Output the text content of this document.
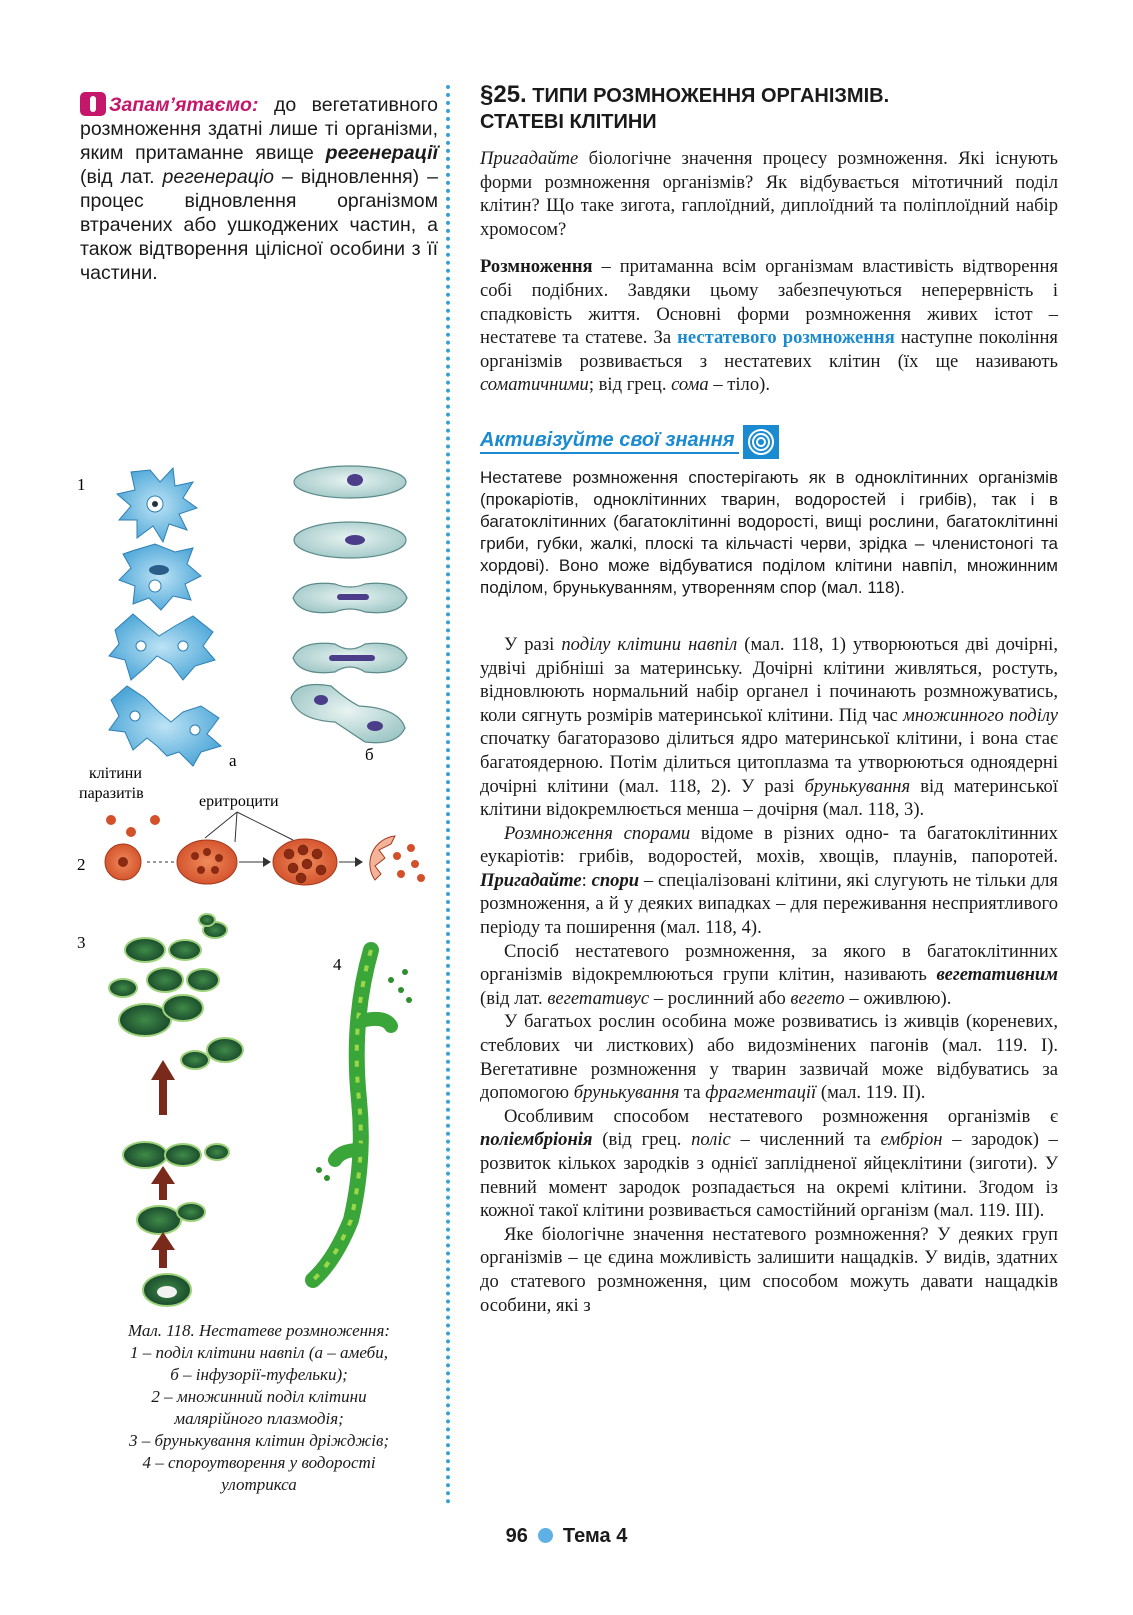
Запам’ятаємо: до вегетативного розмноження здатні лише ті організми, яким притаманне явище регенерації (від лат. регенераціо – відновлення) – процес відновлення організмом втрачених або ушкоджених частин, а також відтворення цілісної особини з її частини.

1
а	б
клітини
паразитів	еритроцити
2
3
4
Мал. 118. Нестатеве розмноження:
1 – поділ клітини навпіл (а – амеби,
б – інфузорії-туфельки);
2 – множинний поділ клітини
малярійного плазмодія;
3 – брунькування клітин дріжджів;
4 – спороутворення у водорості
улотрикса
§25. ТИПИ РОЗМНОЖЕННЯ ОРГАНІЗМІВ.
СТАТЕВІ КЛІТИНИ

Пригадайте біологічне значення процесу розмноження. Які існують форми розмноження організмів? Як відбувається мітотичний поділ клітин? Що таке зигота, гаплоїдний, диплоїдний та поліплоїдний набір хромосом?

Розмноження – притаманна всім організмам властивість відтворення собі подібних. Завдяки цьому забезпечуються неперервність і спадковість життя. Основні форми розмноження живих істот – нестатеве та статеве. За нестатевого розмноження наступне покоління організмів розвивається з нестатевих клітин (їх ще називають соматичними; від грец. сома – тіло).

Активізуйте свої знання

Нестатеве розмноження спостерігають як в одноклітинних організмів (прокаріотів, одноклітинних тварин, водоростей і грибів), так і в багатоклітинних (багатоклітинні водорості, вищі рослини, багатоклітинні гриби, губки, жалкі, плоскі та кільчасті черви, зрідка – членистоногі та хордові). Воно може відбуватися поділом клітини навпіл, множинним поділом, брунькуванням, утворенням спор (мал. 118).

У разі поділу клітини навпіл (мал. 118, 1) утворюються дві дочірні, удвічі дрібніші за материнську. Дочірні клітини живляться, ростуть, відновлюють нормальний набір органел і починають розмножуватись, коли сягнуть розмірів материнської клітини. Під час множинного поділу спочатку багаторазово ділиться ядро материнської клітини, і вона стає багатоядерною. Потім ділиться цитоплазма та утворюються одноядерні дочірні клітини (мал. 118, 2). У разі брунькування від материнської клітини відокремлюється менша – дочірня (мал. 118, 3).

Розмноження спорами відоме в різних одно- та багатоклітинних еукаріотів: грибів, водоростей, мохів, хвощів, плаунів, папоротей. Пригадайте: спори – спеціалізовані клітини, які слугують не тільки для розмноження, а й у деяких випадках – для переживання несприятливого періоду та поширення (мал. 118, 4).

Спосіб нестатевого розмноження, за якого в багатоклітинних організмів відокремлюються групи клітин, називають вегетативним (від лат. вегетативус – рослинний або вегето – оживлюю).

У багатьох рослин особина може розвиватись із живців (кореневих, стеблових чи листкових) або видозмінених пагонів (мал. 119. І). Вегетативне розмноження у тварин зазвичай може відбуватись за допомогою брунькування та фрагментації (мал. 119. ІІ).

Особливим способом нестатевого розмноження організмів є поліембріонія (від грец. поліс – численний та ембріон – зародок) – розвиток кількох зародків з однієї заплідненої яйцеклітини (зиготи). У певний момент зародок розпадається на окремі клітини. Згодом із кожної такої клітини розвивається самостійний організм (мал. 119. ІІІ).

Яке біологічне значення нестатевого розмноження? У деяких груп організмів – це єдина можливість залишити нащадків. У видів, здатних до статевого розмноження, цим способом можуть давати нащадків особини, які з

96 Тема 4
